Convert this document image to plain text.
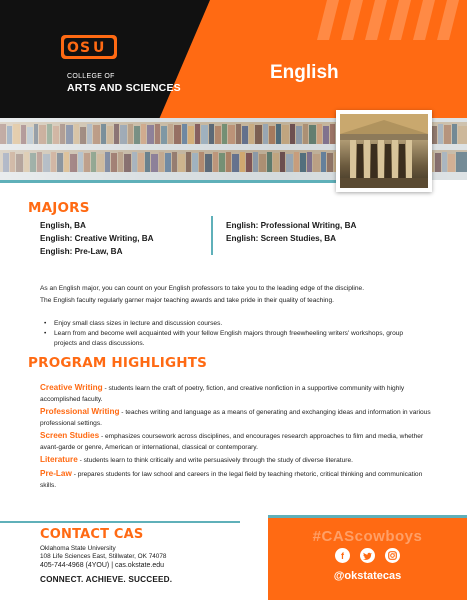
O S U
COLLEGE OF
ARTS AND SCIENCES
English
MAJORS
English, BA
English: Creative Writing, BA
English: Pre-Law, BA
English: Professional Writing, BA
English: Screen Studies, BA
As an English major, you can count on your English professors to take you to the leading edge of the discipline.
The English faculty regularly garner major teaching awards and take pride in their quality of teaching.
• Enjoy small class sizes in lecture and discussion courses.
• Learn from and become well acquainted with your fellow English majors through freewheeling writers' workshops, group projects and class discussions.
PROGRAM HIGHLIGHTS
Creative Writing - students learn the craft of poetry, fiction, and creative nonfiction in a supportive community with highly accomplished faculty.
Professional Writing - teaches writing and language as a means of generating and exchanging ideas and information in various professional settings.
Screen Studies - emphasizes coursework across disciplines, and encourages research approaches to film and media, whether avant-garde or genre, American or international, classical or contemporary.
Literature - students learn to think critically and write persuasively through the study of diverse literature.
Pre-Law - prepares students for law school and careers in the legal field by teaching rhetoric, critical thinking and communication skills.
CONTACT CAS
Oklahoma State University
108 Life Sciences East, Stillwater, OK 74078
405-744-4968 (4YOU) | cas.okstate.edu
CONNECT. ACHIEVE. SUCCEED.
#CAScowboys
f
@okstatecas
